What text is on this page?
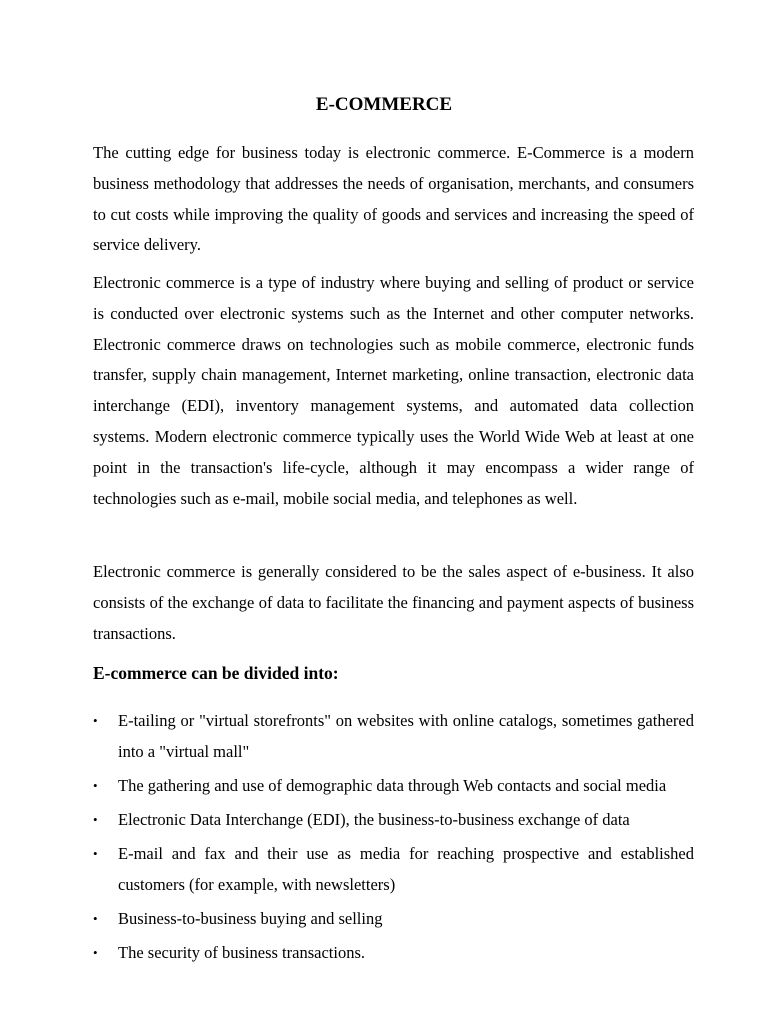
E-COMMERCE

The cutting edge for business today is electronic commerce. E-Commerce is a modern business methodology that addresses the needs of organisation, merchants, and consumers to cut costs while improving the quality of goods and services and increasing the speed of service delivery.

Electronic commerce is a type of industry where buying and selling of product or service is conducted over electronic systems such as the Internet and other computer networks. Electronic commerce draws on technologies such as mobile commerce, electronic funds transfer, supply chain management, Internet marketing, online transaction, electronic data interchange (EDI), inventory management systems, and automated data collection systems. Modern electronic commerce typically uses the World Wide Web at least at one point in the transaction's life-cycle, although it may encompass a wider range of technologies such as e-mail, mobile social media, and telephones as well.

Electronic commerce is generally considered to be the sales aspect of e-business. It also consists of the exchange of data to facilitate the financing and payment aspects of business transactions.

E-commerce can be divided into:
•	E-tailing or "virtual storefronts" on websites with online catalogs, sometimes gathered into a "virtual mall"
•	The gathering and use of demographic data through Web contacts and social media
•	Electronic Data Interchange (EDI), the business-to-business exchange of data
•	E-mail and fax and their use as media for reaching prospective and established customers (for example, with newsletters)
•	Business-to-business buying and selling
•	The security of business transactions.
